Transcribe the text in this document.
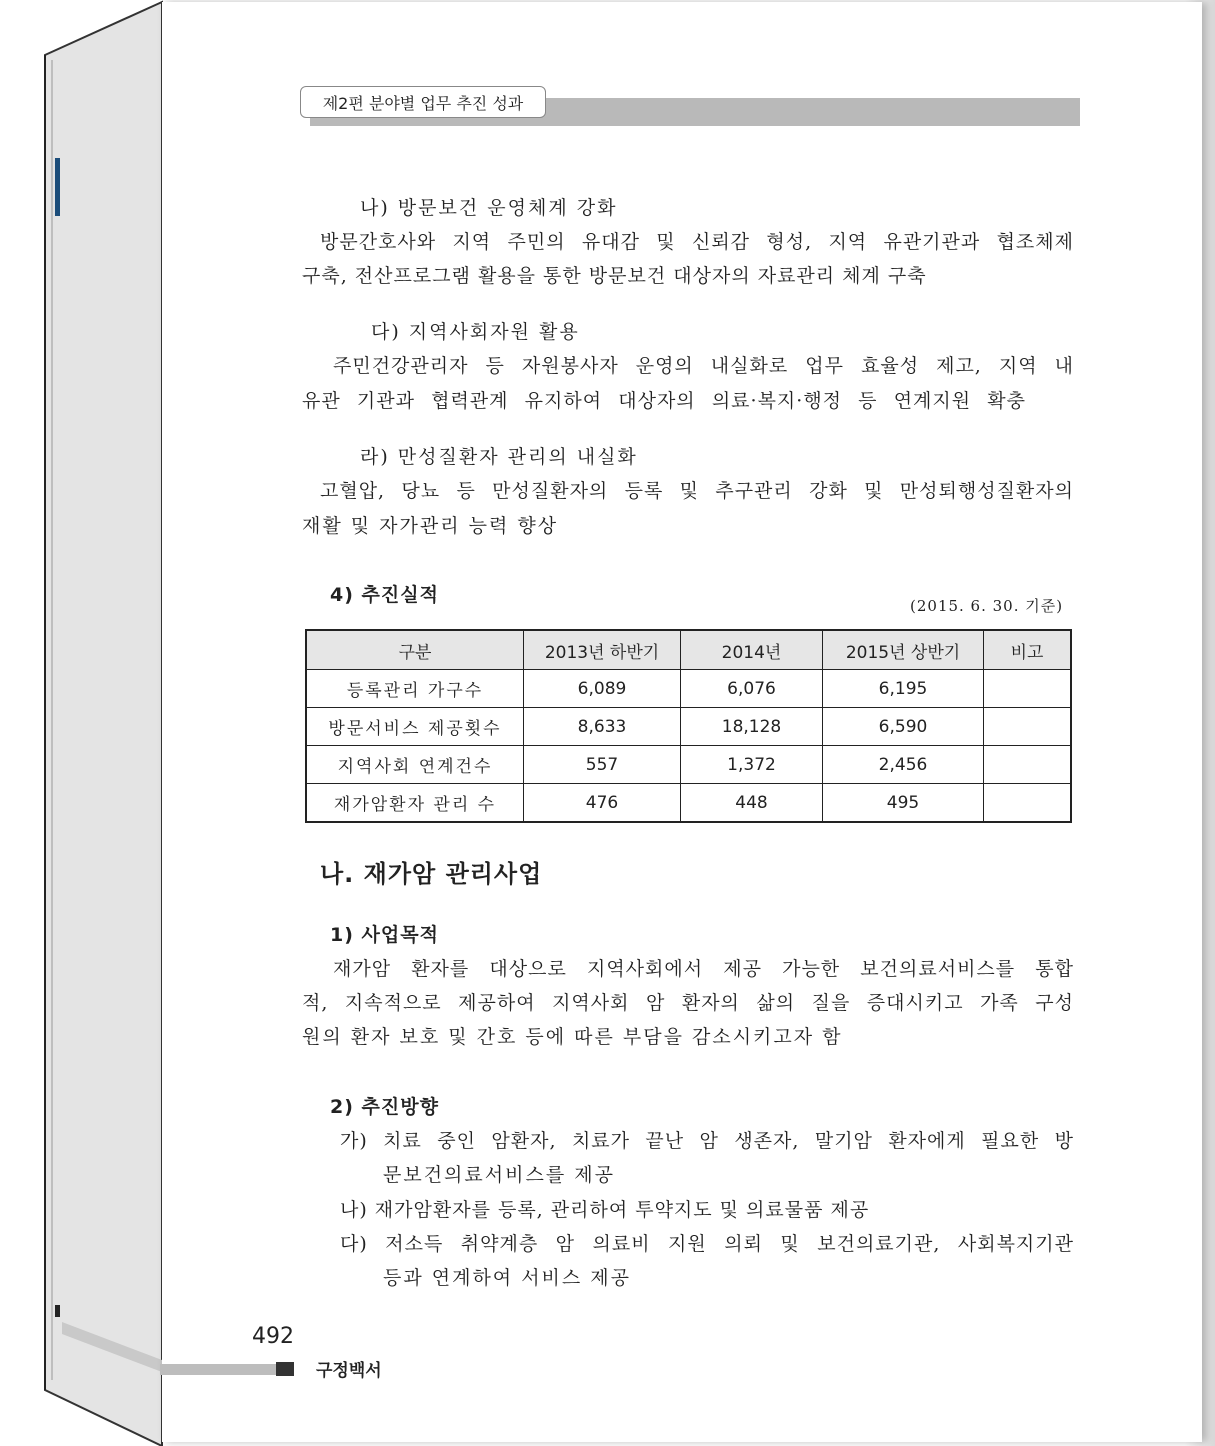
제2편 분야별 업무 추진 성과
나) 방문보건 운영체계 강화
방문간호사와 지역 주민의 유대감 및 신뢰감 형성, 지역 유관기관과 협조체제
구축, 전산프로그램 활용을 통한 방문보건 대상자의 자료관리 체계 구축
다) 지역사회자원 활용
주민건강관리자 등 자원봉사자 운영의 내실화로 업무 효율성 제고, 지역 내
유관 기관과 협력관계 유지하여 대상자의 의료·복지·행정 등 연계지원 확충
라) 만성질환자 관리의 내실화
고혈압, 당뇨 등 만성질환자의 등록 및 추구관리 강화 및 만성퇴행성질환자의
재활 및 자가관리 능력 향상
4) 추진실적	(2015. 6. 30. 기준)
구분	2013년 하반기	2014년	2015년 상반기	비고
등록관리 가구수	6,089	6,076	6,195	
방문서비스 제공횟수	8,633	18,128	6,590	
지역사회 연계건수	557	1,372	2,456	
재가암환자 관리 수	476	448	495	
나. 재가암 관리사업
1) 사업목적
재가암 환자를 대상으로 지역사회에서 제공 가능한 보건의료서비스를 통합
적, 지속적으로 제공하여 지역사회 암 환자의 삶의 질을 증대시키고 가족 구성
원의 환자 보호 및 간호 등에 따른 부담을 감소시키고자 함
2) 추진방향
가) 치료 중인 암환자, 치료가 끝난 암 생존자, 말기암 환자에게 필요한 방
문보건의료서비스를 제공
나) 재가암환자를 등록, 관리하여 투약지도 및 의료물품 제공
다) 저소득 취약계층 암 의료비 지원 의뢰 및 보건의료기관, 사회복지기관
등과 연계하여 서비스 제공
492
구정백서
